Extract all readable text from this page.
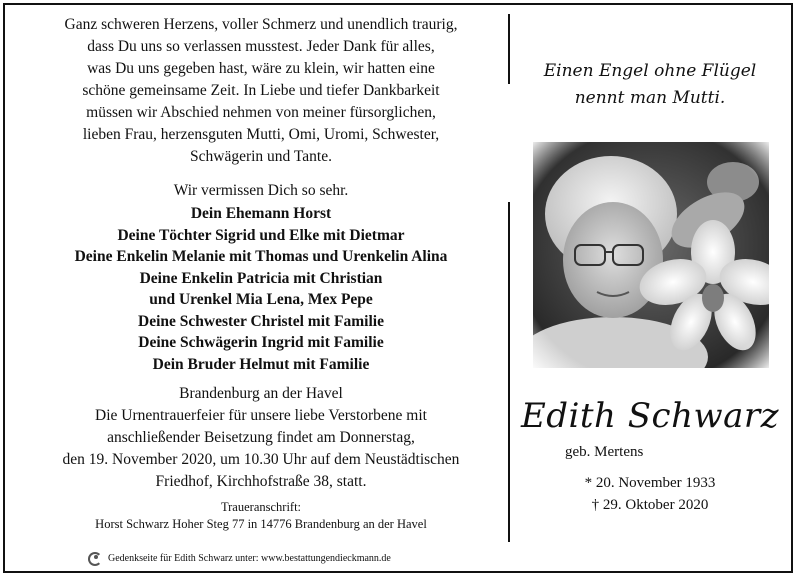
Ganz schweren Herzens, voller Schmerz und unendlich traurig,
dass Du uns so verlassen musstest. Jeder Dank für alles,
was Du uns gegeben hast, wäre zu klein, wir hatten eine
schöne gemeinsame Zeit. In Liebe und tiefer Dankbarkeit
müssen wir Abschied nehmen von meiner fürsorglichen,
lieben Frau, herzensguten Mutti, Omi, Uromi, Schwester,
Schwägerin und Tante.

Wir vermissen Dich so sehr.

Dein Ehemann Horst
Deine Töchter Sigrid und Elke mit Dietmar
Deine Enkelin Melanie mit Thomas und Urenkelin Alina
Deine Enkelin Patricia mit Christian
und Urenkel Mia Lena, Mex Pepe
Deine Schwester Christel mit Familie
Deine Schwägerin Ingrid mit Familie
Dein Bruder Helmut mit Familie

Brandenburg an der Havel

Die Urnentrauerfeier für unsere liebe Verstorbene mit
anschließender Beisetzung findet am Donnerstag,
den 19. November 2020, um 10.30 Uhr auf dem Neustädtischen
Friedhof, Kirchhofstraße 38, statt.

Traueranschrift:

Horst Schwarz Hoher Steg 77 in 14776 Brandenburg an der Havel

Gedenkseite für Edith Schwarz unter: www.bestattungendieckmann.de

Einen Engel ohne Flügel

nennt man Mutti.

Edith Schwarz
geb. Mertens

* 20. November 1933

† 29. Oktober 2020
